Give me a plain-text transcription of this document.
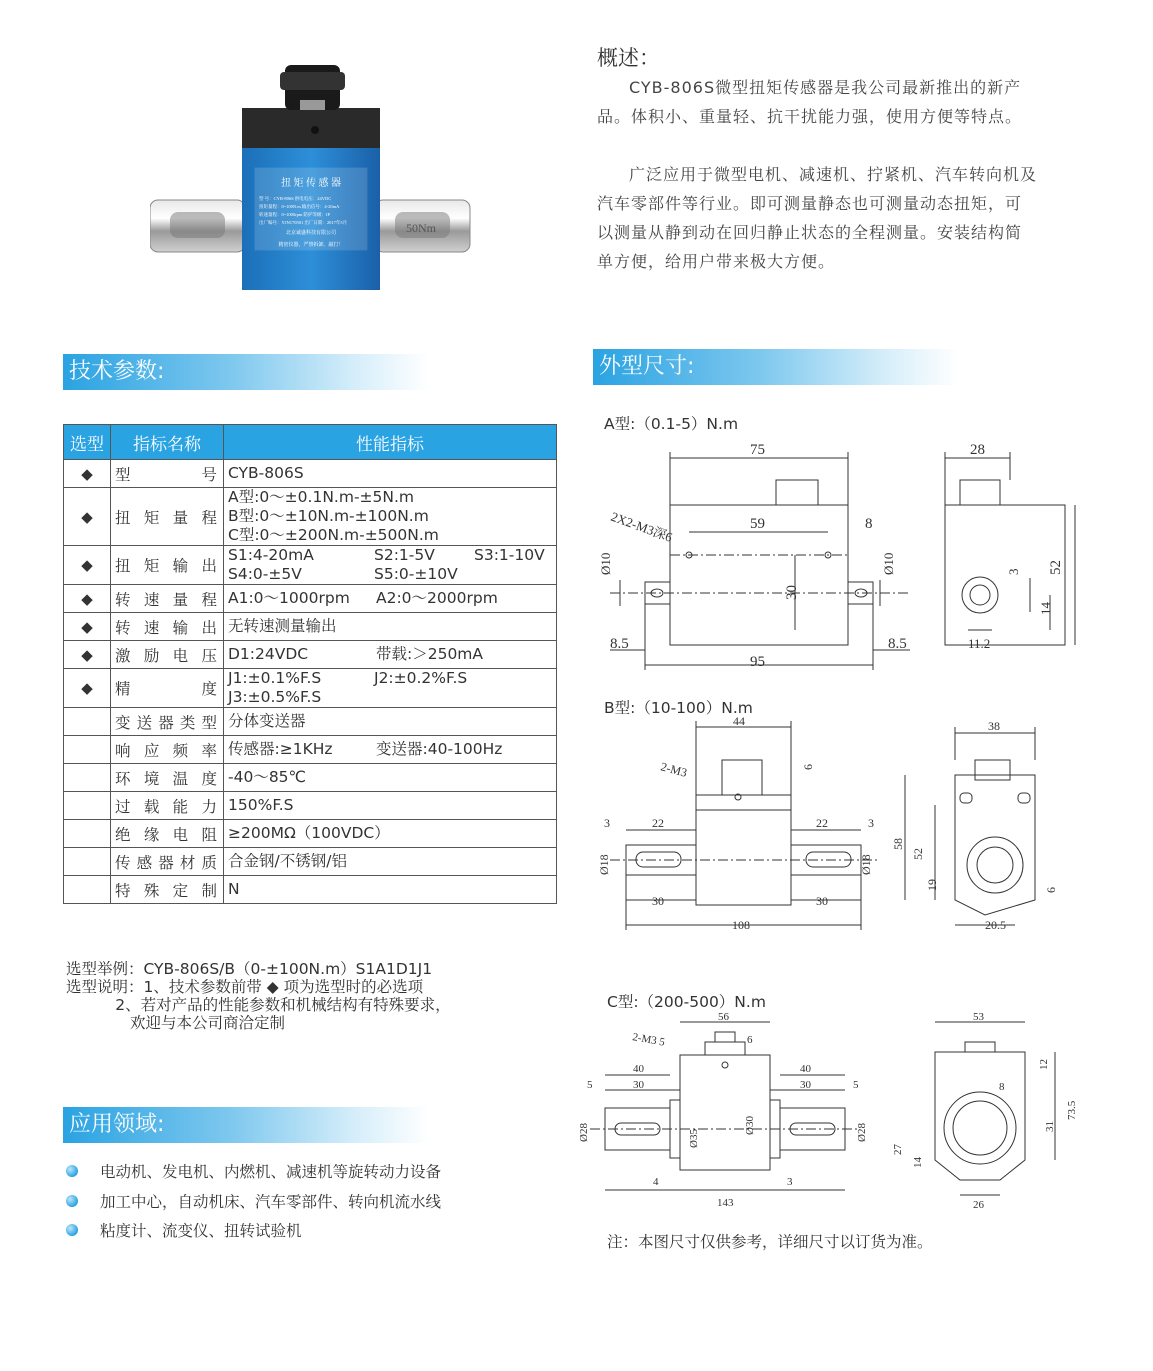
50Nm
扭 矩 传 感 器
型 号：CYB-806S 供电电压：24VDC
扭矩量程：0~100N.m 输出信号：4-20mA
转速量程：0~1000rpm 防护等级：IP
出厂编号：YJN170501 出厂日期：2017年5月
北京诚盛科技有限公司
精密仪器，严禁拆卸、敲打！
概述：
CYB-806S微型扭矩传感器是我公司最新推出的新产品。体积小、重量轻、抗干扰能力强，使用方便等特点。
广泛应用于微型电机、减速机、拧紧机、汽车转向机及汽车零部件等行业。即可测量静态也可测量动态扭矩，可以测量从静到动在回归静止状态的全程测量。安装结构简单方便，给用户带来极大方便。
技术参数:	外型尺寸:
应用领域:
选型	指标名称	性能指标
◆	型号	CYB-806S
◆	扭矩量程	A型:0～±0.1N.m-±5N.m
B型:0～±10N.m-±100N.m
C型:0～±200N.m-±500N.m

◆	扭矩输出	S1:4-20mA S2:1-5V S3:1-10V
S4:0-±5V S5:0-±10V

◆	转速量程	A1:0～1000rpm A2:0～2000rpm

◆	转速输出	无转速测量输出
◆	激励电压	D1:24VDC 带载:＞250mA

◆	精度	J1:±0.1%F.S J2:±0.2%F.S
J3:±0.5%F.S

	变送器类型	分体变送器
	响应频率	传感器:≥1KHz 变送器:40-100Hz

	环境温度	-40～85℃
	过载能力	150%F.S
	绝缘电阻	≥200MΩ（100VDC）
	传感器材质	合金钢/不锈钢/铝
	特殊定制	N
选型举例：CYB-806S/B（0-±100N.m）S1A1D1J1
选型说明：1、技术参数前带 ◆ 项为选型时的必选项
2、若对产品的性能参数和机械结构有特殊要求，
欢迎与本公司商洽定制
电动机、发电机、内燃机、减速机等旋转动力设备
加工中心，自动机床、汽车零部件、转向机流水线
粘度计、流变仪、扭转试验机
A型:（0.1-5）N.m
B型:（10-100）N.m
C型:（200-500）N.m
75
59	8
2X2-M3深6
Ø10	Ø10
30
8.5	8.5
95
28
3 52
14
11.2
44
2-M3	6
3	22	22	3
Ø18	Ø18
30	30
108
38
58
52
19	6
20.5
56
2-M3 5	6
40
30
5
40
30	5
Ø28	Ø35
Ø30	Ø28
4	3
143
53
12
8
73.5
31
27
14
26
注：本图尺寸仅供参考，详细尺寸以订货为准。
